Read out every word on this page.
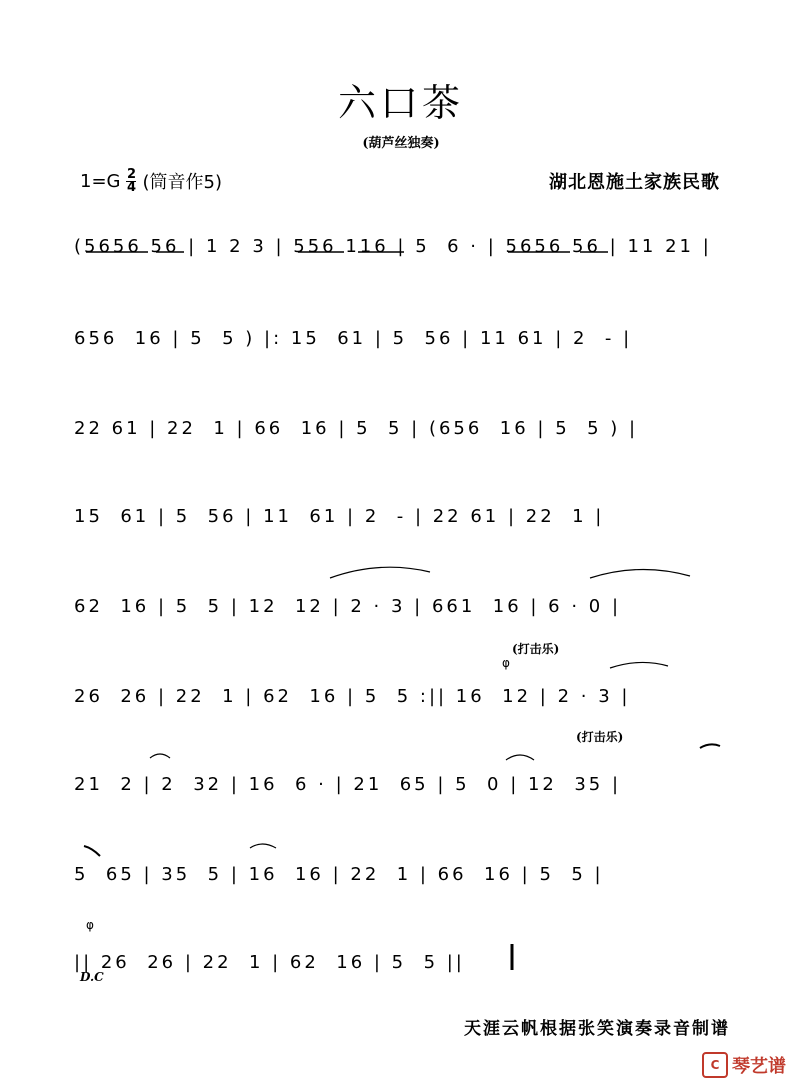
六口茶
(葫芦丝独奏)
1=G 2
4 (筒音作5)	湖北恩施土家族民歌
(5656 56 | 1 2 3 | 556 116 | 5  6 · | 5656 56 | 11 21 |
656  16 | 5  5 ) |: 15  61 | 5  56 | 11 61 | 2  - |
22 61 | 22  1 | 66  16 | 5  5 | (656  16 | 5  5 ) |
15  61 | 5  56 | 11  61 | 2  - | 22 61 | 22  1 |
62  16 | 5  5 | 12  12 | 2 · 3 | 661  16 | 6 · 0 |
26  26 | 22  1 | 62  16 | 5  5 :|| 16  12 | 2 · 3 |
21  2 | 2  32 | 16  6 · | 21  65 | 5  0 | 12  35 |
5  65 | 35  5 | 16  16 | 22  1 | 66  16 | 5  5 |
|| 26  26 | 22  1 | 62  16 | 5  5 ||
(打击乐)
(打击乐)
φ
φ
D.C
天涯云帆根据张笑演奏录音制谱
C 琴艺谱
